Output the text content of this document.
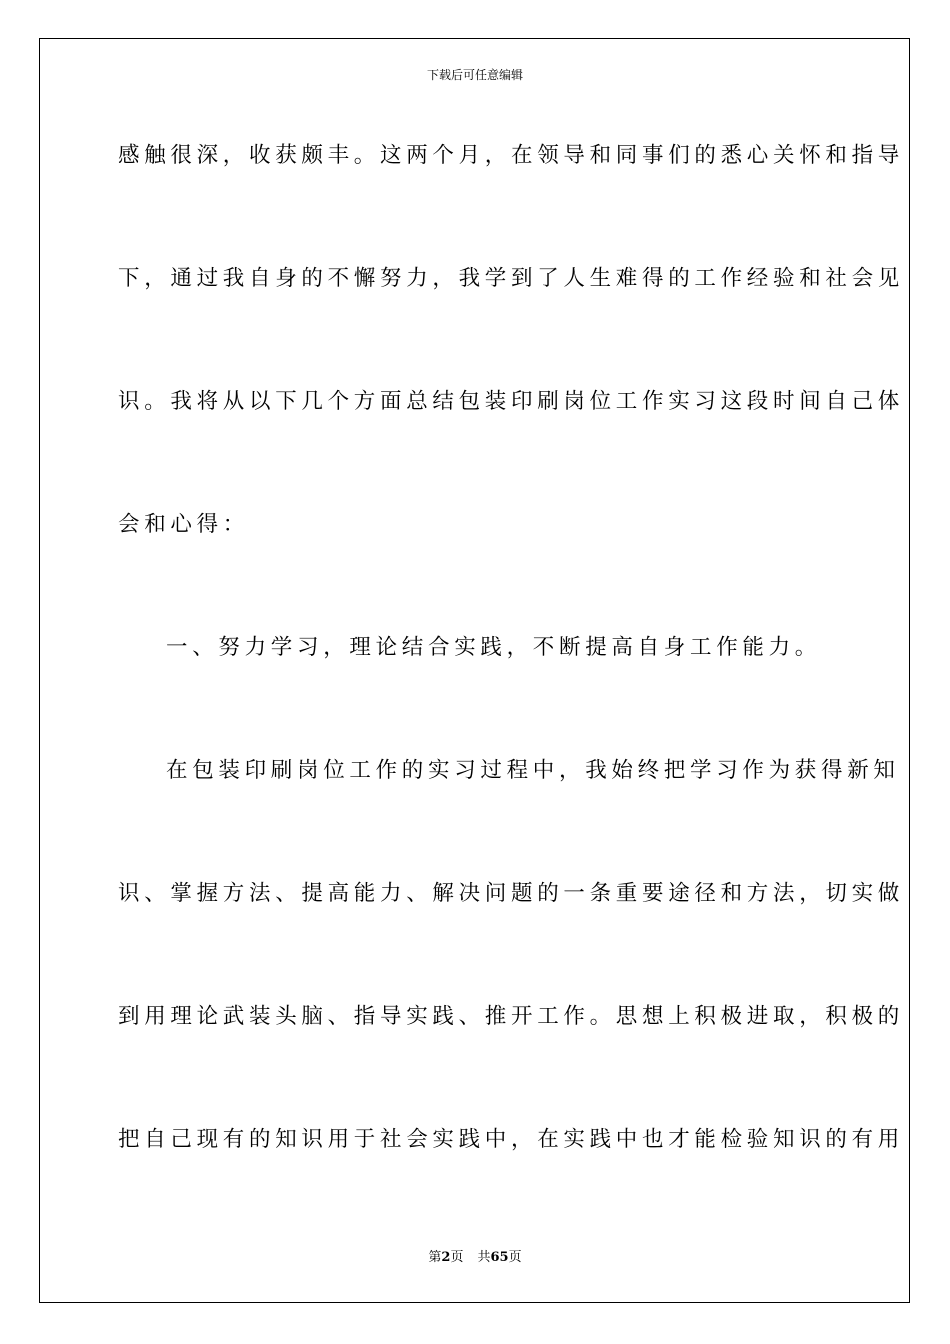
下载后可任意编辑
感触很深，收获颇丰。这两个月，在领导和同事们的悉心关怀和指导
下，通过我自身的不懈努力，我学到了人生难得的工作经验和社会见
识。我将从以下几个方面总结包装印刷岗位工作实习这段时间自己体
会和心得：
一、努力学习，理论结合实践，不断提高自身工作能力。
在包装印刷岗位工作的实习过程中，我始终把学习作为获得新知
识、掌握方法、提高能力、解决问题的一条重要途径和方法，切实做
到用理论武装头脑、指导实践、推开工作。思想上积极进取，积极的
把自己现有的知识用于社会实践中，在实践中也才能检验知识的有用
第2页 共65页
